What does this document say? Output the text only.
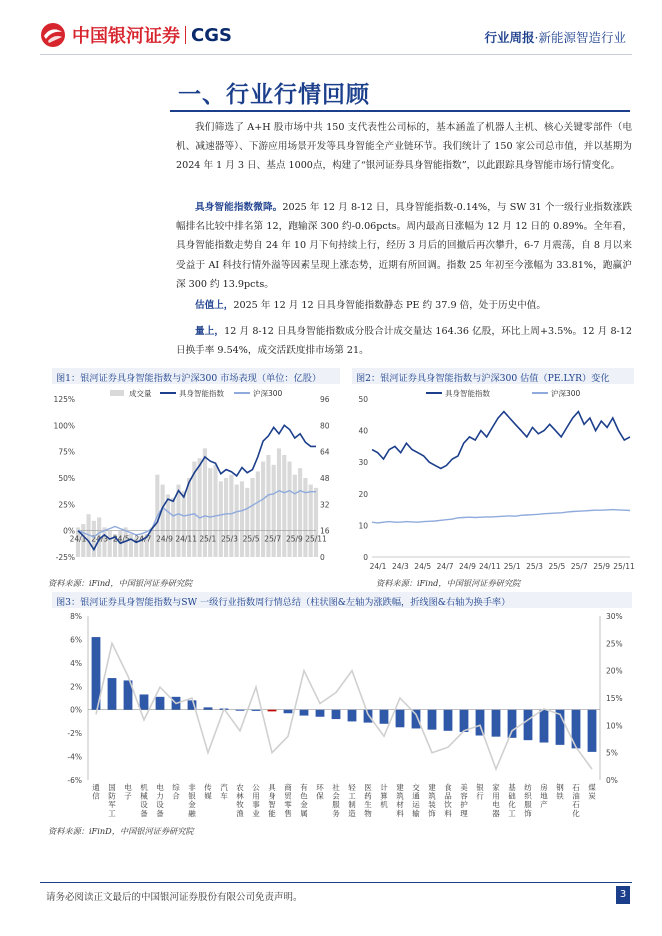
中国银河证券 CGS	行业周报·新能源智造行业
一、行业行情回顾

我们筛选了 A+H 股市场中共 150 支代表性公司标的，基本涵盖了机器人主机、核心关键零部件（电机、减速器等）、下游应用场景开发等具身智能全产业链环节。我们统计了 150 家公司总市值，并以基期为 2024 年 1 月 3 日、基点 1000点，构建了“银河证券具身智能指数”，以此跟踪具身智能市场行情变化。

具身智能指数微降。2025 年 12 月 8-12 日，具身智能指数-0.14%，与 SW 31 个一级行业指数涨跌幅排名比较中排名第 12，跑输深 300 约-0.06pcts。周内最高日涨幅为 12 月 12 日的 0.89%。全年看，具身智能指数走势自 24 年 10 月下旬持续上行，经历 3 月后的回撤后再次攀升，6-7 月震荡，自 8 月以来受益于 AI 科技行情外溢等因素呈现上涨态势，近期有所回调。指数 25 年初至今涨幅为 33.81%，跑赢沪深 300 约 13.9pcts。

估值上，2025 年 12 月 12 日具身智能指数静态 PE 约 37.9 倍，处于历史中值。

量上，12 月 8-12 日具身智能指数成分股合计成交量达 164.36 亿股，环比上周+3.5%。12 月 8-12 日换手率 9.54%，成交活跃度排市场第 21。

图1：银河证券具身智能指数与沪深300 市场表现（单位：亿股）
成交量	具身智能指数	沪深300
125%
100%
75%
50%
25%
0%
-25%
96
80
64
48
32
16
0
24/1 24/3 24/5 24/7 24/9 24/11 25/1 25/3 25/5 25/7 25/9 25/11
资料来源：iFind，中国银河证券研究院
图2：银河证券具身智能指数与沪深300 估值（PE.LYR）变化
具身智能指数	沪深300
50
40
30
20
10
0
24/1 24/3 24/5 24/7 24/9 24/11 25/1 25/3 25/5 25/7 25/9 25/11
资料来源：iFind，中国银河证券研究院
图3：银河证券具身智能指数与SW 一级行业指数周行情总结（柱状图&左轴为涨跌幅，折线图&右轴为换手率）
8%
6%
4%
2%
0%
-2%
-4%
-6%
30%
25%
20%
15%
10%
5%
0%
通信
国防军工
电子
机械设备
电力设备
综合
非银金融
传媒
汽车
农林牧渔
公用事业
具身智能
商贸零售
有色金属
环保
社会服务
轻工制造
医药生物
计算机
建筑材料
交通运输
建筑装饰
食品饮料
美容护理
银行
家用电器
基础化工
纺织服饰
房地产
钢铁
石油石化
煤炭
资料来源：iFinD，中国银河证券研究院
请务必阅读正文最后的中国银河证券股份有限公司免责声明。	3
